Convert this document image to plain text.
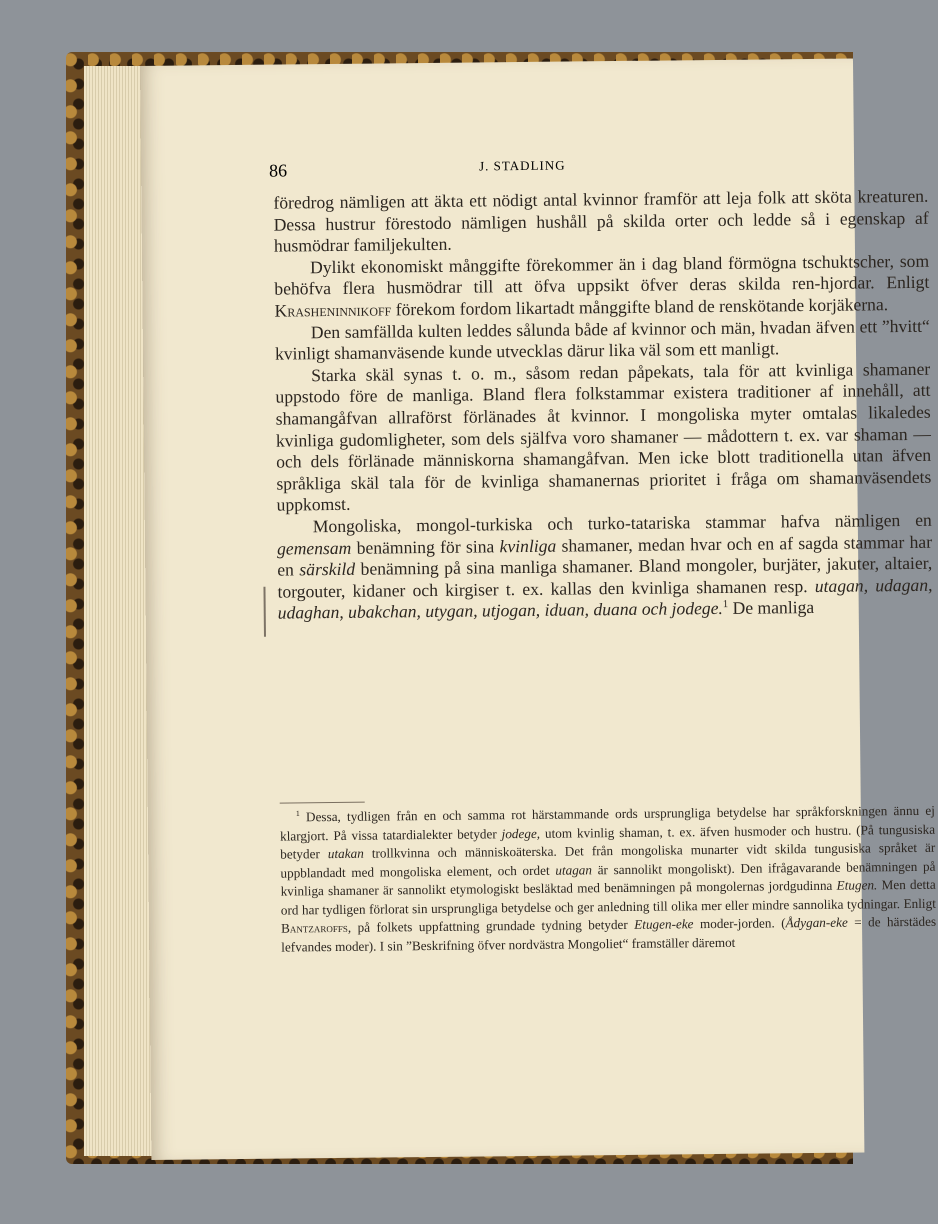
86	J. STADLING

föredrog nämligen att äkta ett nödigt antal kvinnor framför att leja folk att sköta kreaturen. Dessa hustrur förestodo nämligen hushåll på skilda orter och ledde så i egenskap af husmödrar familjekulten.

Dylikt ekonomiskt månggifte förekommer än i dag bland förmögna tschuktscher, som behöfva flera husmödrar till att öfva uppsikt öfver deras skilda ren-hjordar. Enligt Krasheninnikoff förekom fordom likartadt månggifte bland de renskötande korjäkerna.

Den samfällda kulten leddes sålunda både af kvinnor och män, hvadan äfven ett ”hvitt“ kvinligt shamanväsende kunde utvecklas därur lika väl som ett manligt.

Starka skäl synas t. o. m., såsom redan påpekats, tala för att kvinliga shamaner uppstodo före de manliga. Bland flera folkstammar existera traditioner af innehåll, att shamangåfvan allraförst förlänades åt kvinnor. I mongoliska myter omtalas likaledes kvinliga gudomligheter, som dels själfva voro shamaner — mådottern t. ex. var shaman — och dels förlänade människorna shamangåfvan. Men icke blott traditionella utan äfven språkliga skäl tala för de kvinliga shamanernas prioritet i fråga om shamanväsendets uppkomst.

Mongoliska, mongol-turkiska och turko-tatariska stammar hafva nämligen en gemensam benämning för sina kvinliga shamaner, medan hvar och en af sagda stammar har en särskild benämning på sina manliga shamaner. Bland mongoler, burjäter, jakuter, altaier, torgouter, kidaner och kirgiser t. ex. kallas den kvinliga shamanen resp. utagan, udagan, udaghan, ubakchan, utygan, utjogan, iduan, duana och jodege.$^1$ De manliga

$^1$ Dessa, tydligen från en och samma rot härstammande ords ursprungliga betydelse har språkforskningen ännu ej klargjort. På vissa tatardialekter betyder jodege, utom kvinlig shaman, t. ex. äfven husmoder och hustru. (På tungusiska betyder utakan trollkvinna och människoäterska. Det från mongoliska munarter vidt skilda tungusiska språket är uppblandadt med mongoliska element, och ordet utagan är sannolikt mongoliskt). Den ifrågavarande benämningen på kvinliga shamaner är sannolikt etymologiskt besläktad med benämningen på mongolernas jordgudinna Etugen. Men detta ord har tydligen förlorat sin ursprungliga betydelse och ger anledning till olika mer eller mindre sannolika tydningar. Enligt Bantzaroffs, på folkets uppfattning grundade tydning betyder Etugen-eke moder-jorden. (Ådygan-eke = de härstädes lefvandes moder). I sin ”Beskrifning öfver nordvästra Mongoliet“ framställer däremot
